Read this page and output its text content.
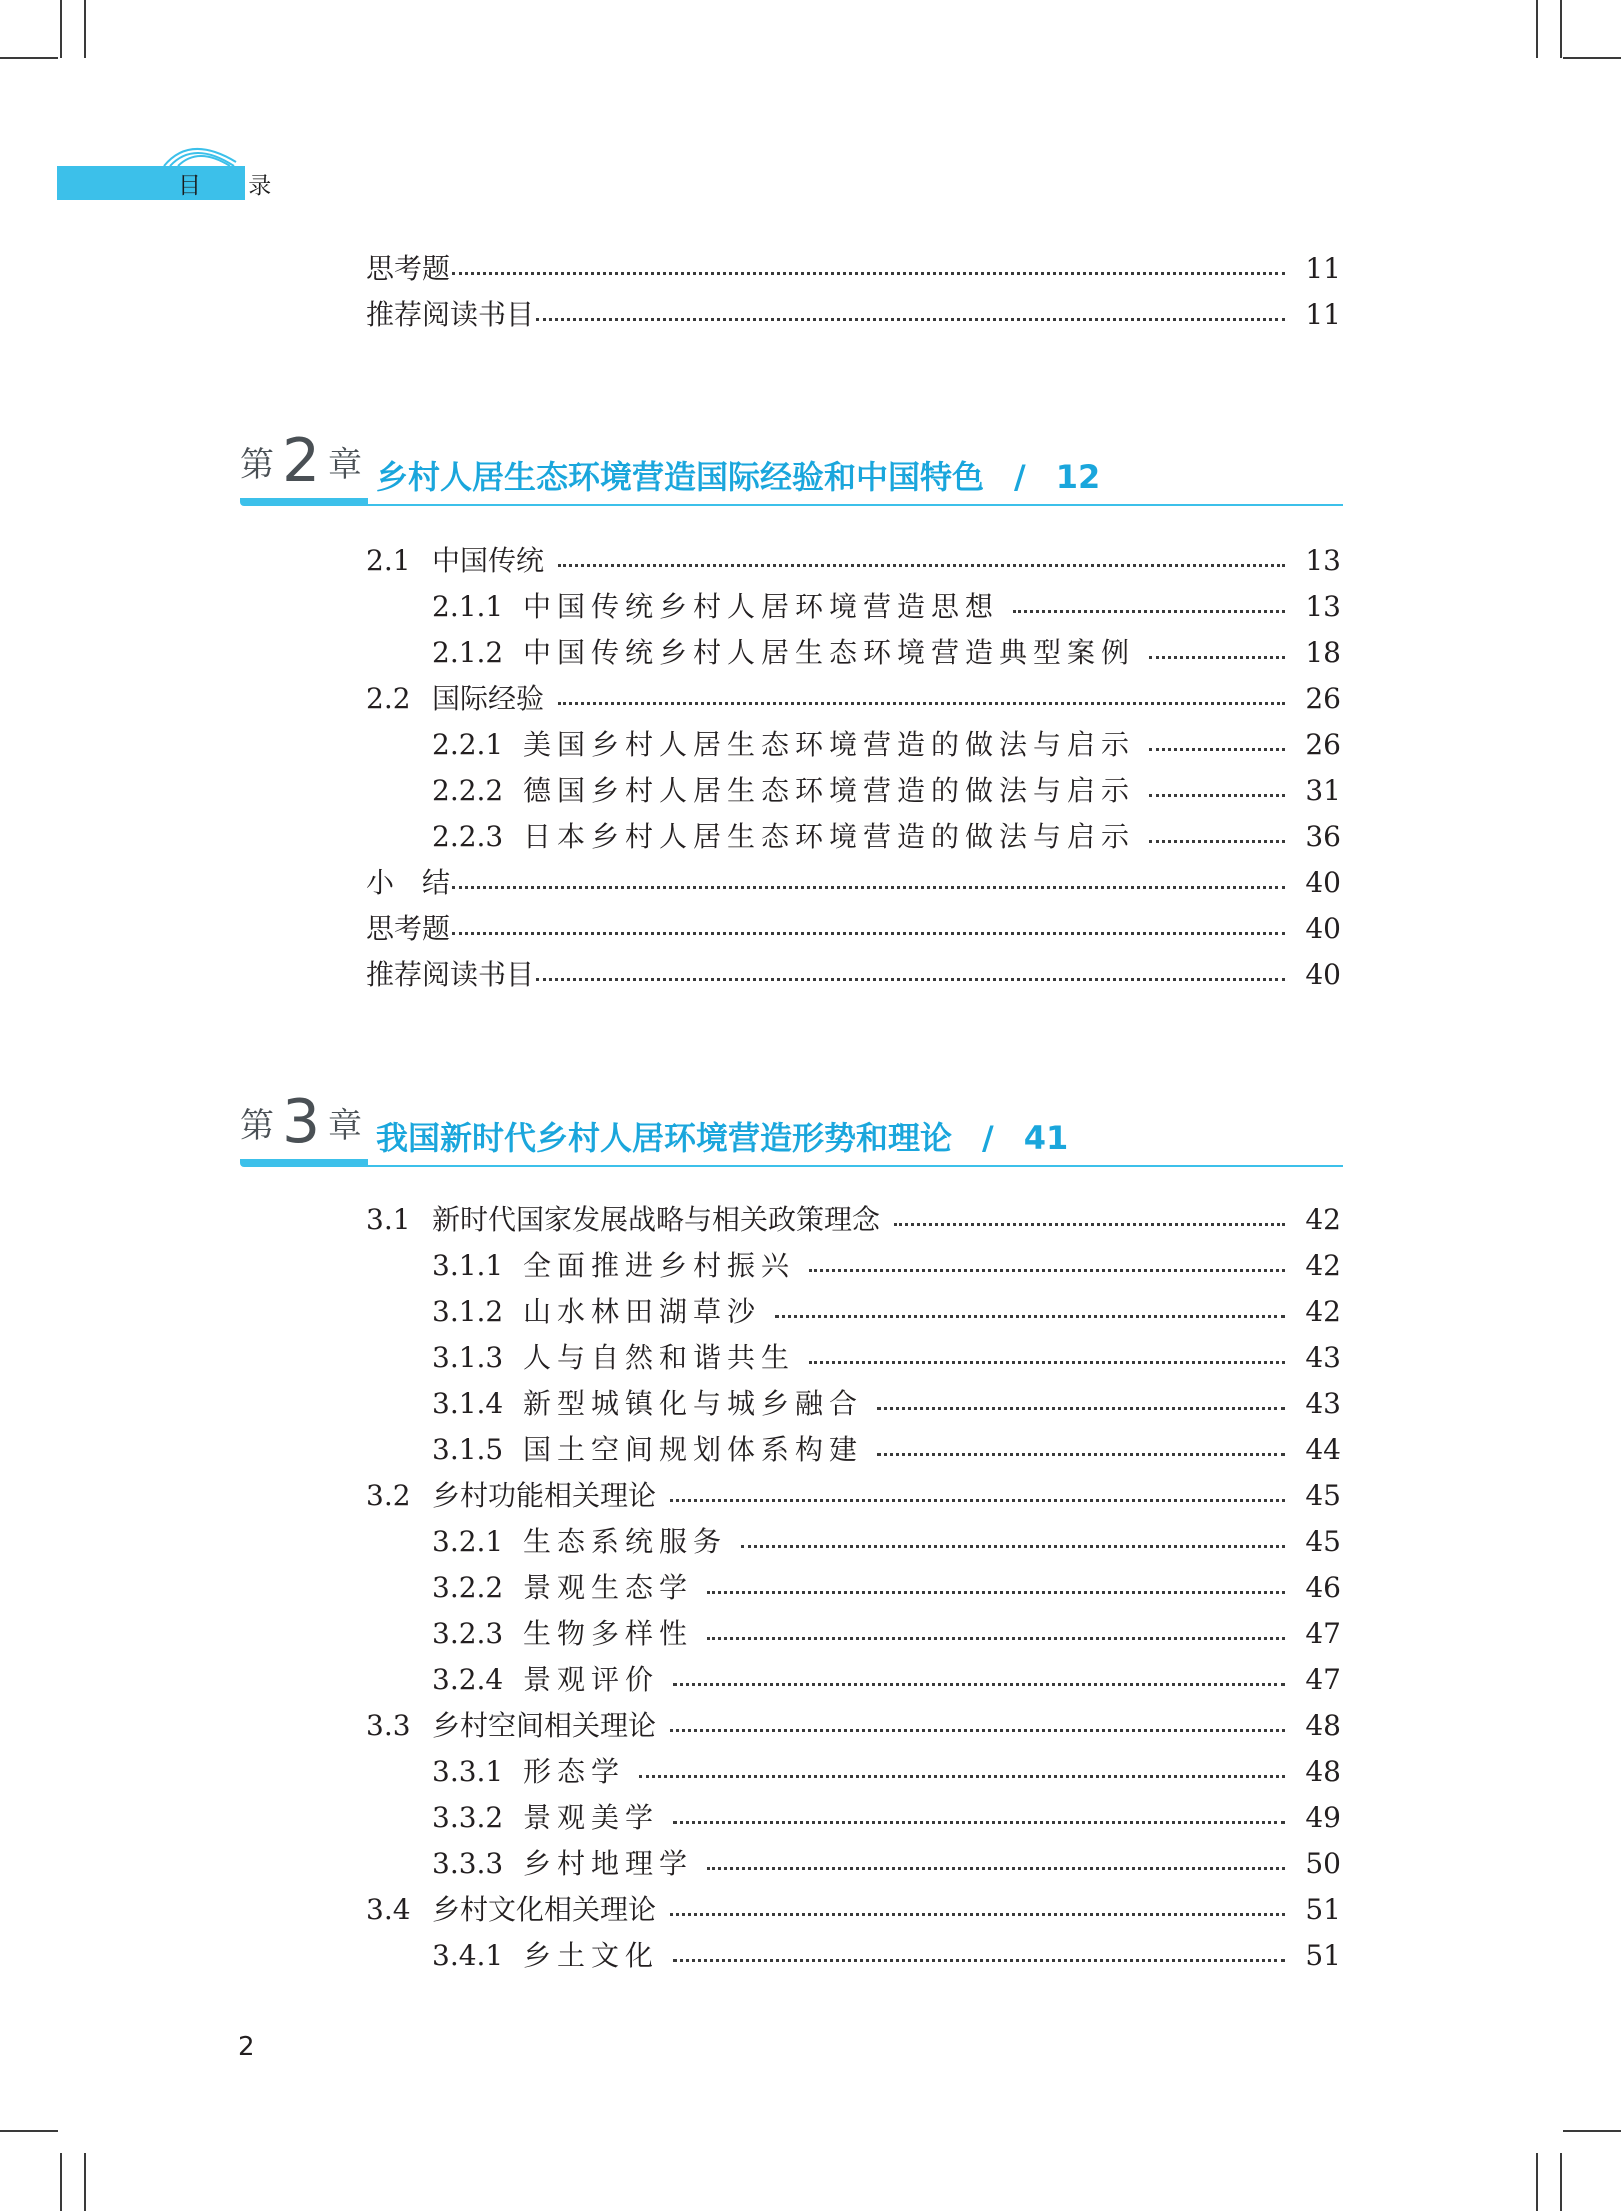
目 录
思考题	11
推荐阅读书目	11
第 2 章 乡村人居生态环境营造国际经验和中国特色 / 12
2.1 中国传统	13
2.1.1 中国传统乡村人居环境营造思想	13
2.1.2 中国传统乡村人居生态环境营造典型案例	18
2.2 国际经验	26
2.2.1 美国乡村人居生态环境营造的做法与启示	26
2.2.2 德国乡村人居生态环境营造的做法与启示	31
2.2.3 日本乡村人居生态环境营造的做法与启示	36
小　结	40
思考题	40
推荐阅读书目	40
第 3 章 我国新时代乡村人居环境营造形势和理论 / 41
3.1 新时代国家发展战略与相关政策理念	42
3.1.1 全面推进乡村振兴	42
3.1.2 山水林田湖草沙	42
3.1.3 人与自然和谐共生	43
3.1.4 新型城镇化与城乡融合	43
3.1.5 国土空间规划体系构建	44
3.2 乡村功能相关理论	45
3.2.1 生态系统服务	45
3.2.2 景观生态学	46
3.2.3 生物多样性	47
3.2.4 景观评价	47
3.3 乡村空间相关理论	48
3.3.1 形态学	48
3.3.2 景观美学	49
3.3.3 乡村地理学	50
3.4 乡村文化相关理论	51
3.4.1 乡土文化	51
2
